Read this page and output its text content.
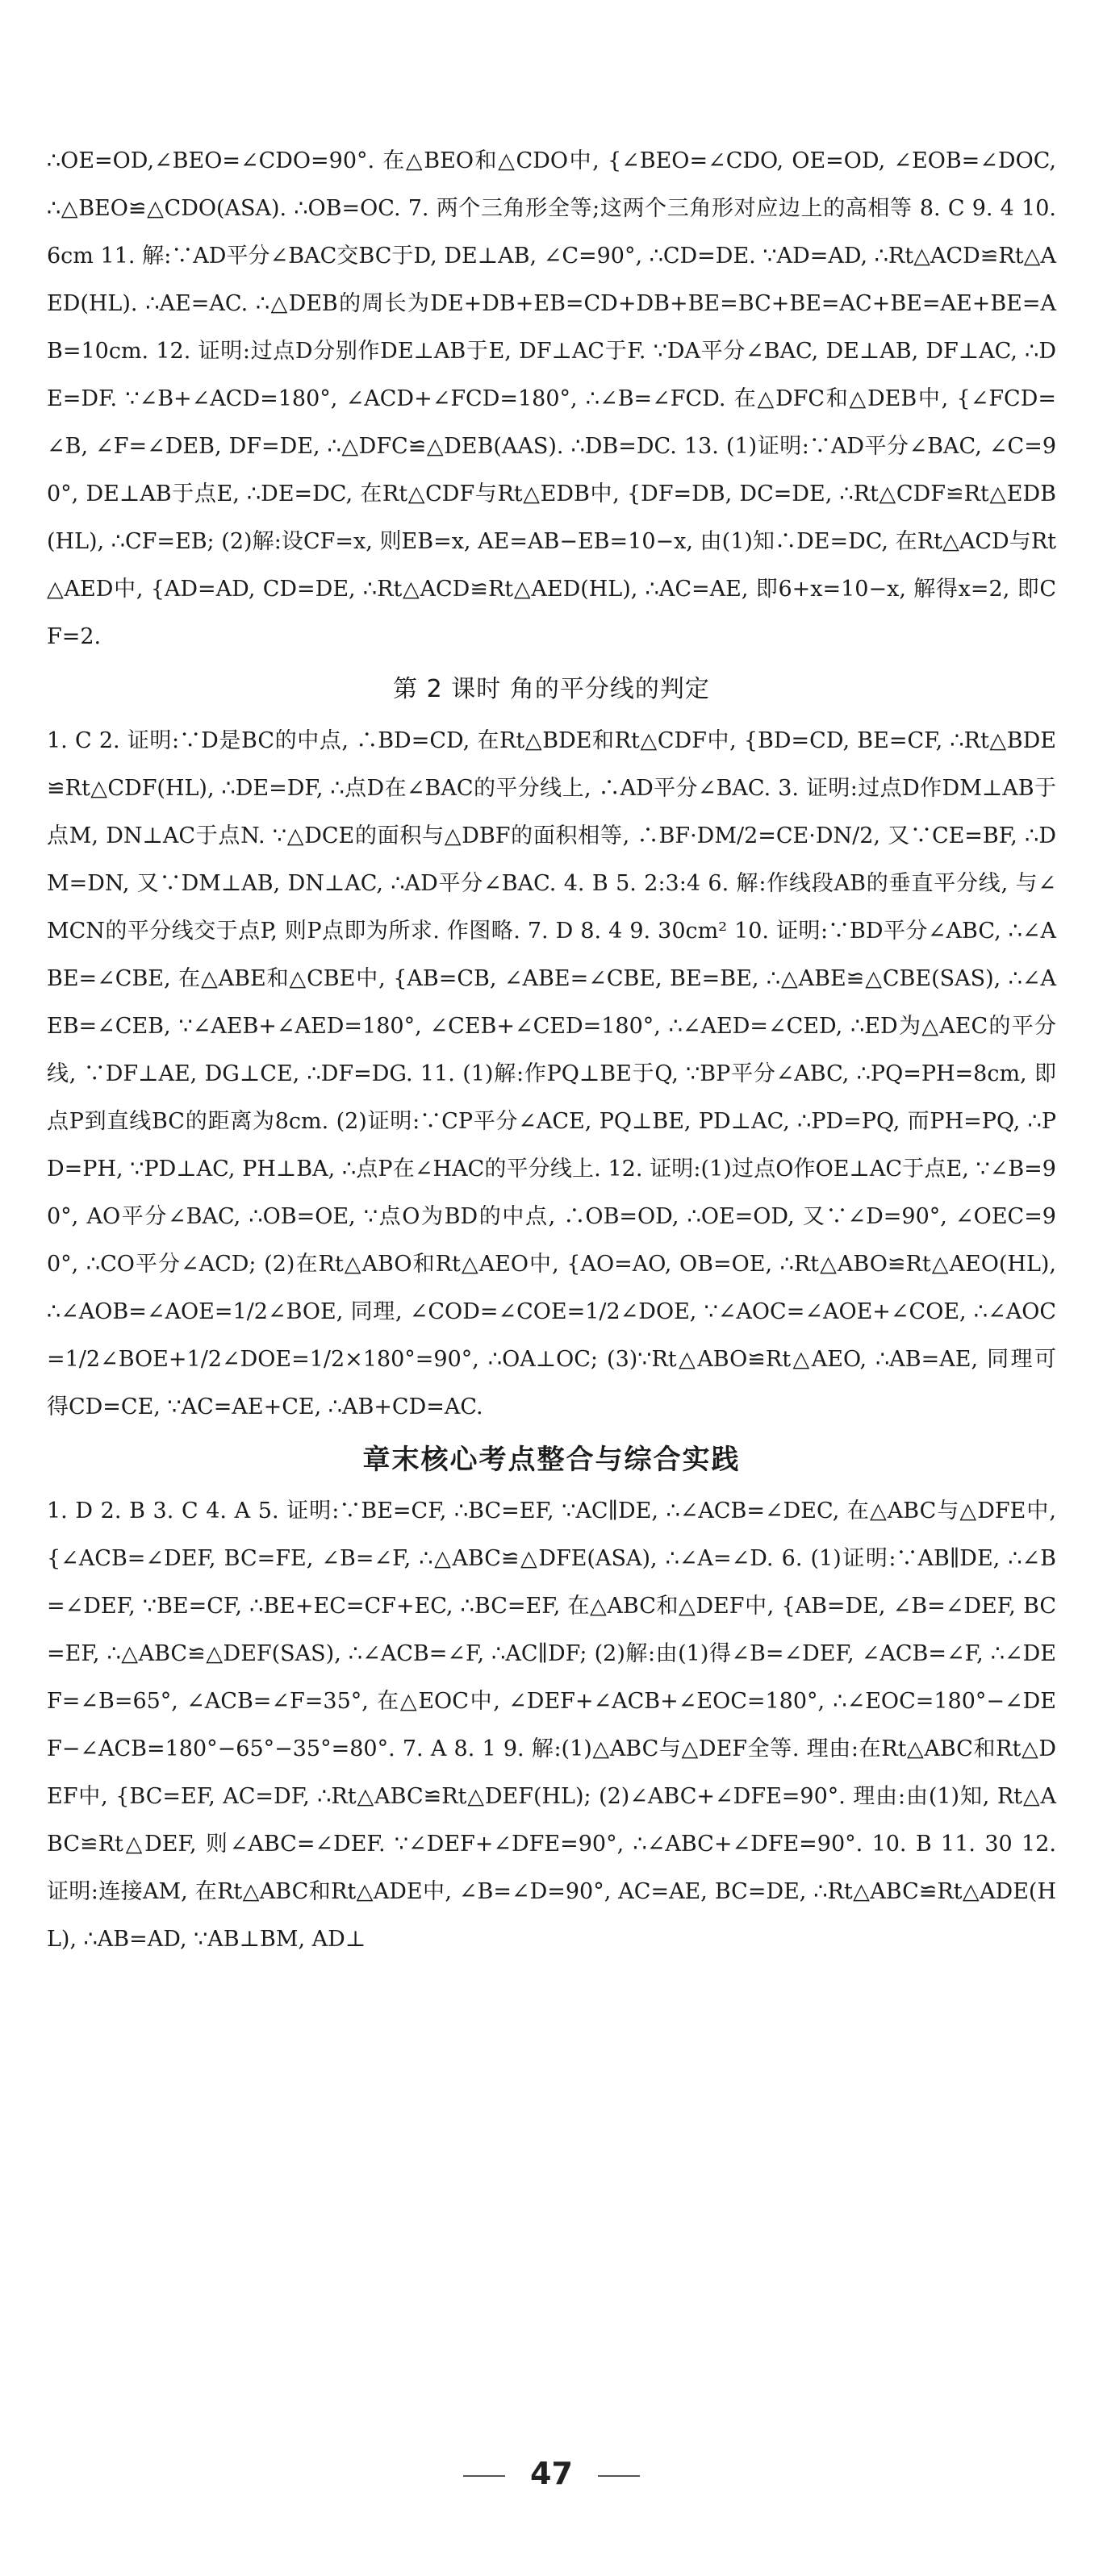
∴OE=OD,∠BEO=∠CDO=90°. 在△BEO和△CDO中, {∠BEO=∠CDO, OE=OD, ∠EOB=∠DOC, ∴△BEO≌△CDO(ASA). ∴OB=OC. 7. 两个三角形全等;这两个三角形对应边上的高相等 8. C 9. 4 10. 6cm 11. 解:∵AD平分∠BAC交BC于D, DE⊥AB, ∠C=90°, ∴CD=DE. ∵AD=AD, ∴Rt△ACD≌Rt△AED(HL). ∴AE=AC. ∴△DEB的周长为DE+DB+EB=CD+DB+BE=BC+BE=AC+BE=AE+BE=AB=10cm. 12. 证明:过点D分别作DE⊥AB于E, DF⊥AC于F. ∵DA平分∠BAC, DE⊥AB, DF⊥AC, ∴DE=DF. ∵∠B+∠ACD=180°, ∠ACD+∠FCD=180°, ∴∠B=∠FCD. 在△DFC和△DEB中, {∠FCD=∠B, ∠F=∠DEB, DF=DE, ∴△DFC≌△DEB(AAS). ∴DB=DC. 13. (1)证明:∵AD平分∠BAC, ∠C=90°, DE⊥AB于点E, ∴DE=DC, 在Rt△CDF与Rt△EDB中, {DF=DB, DC=DE, ∴Rt△CDF≌Rt△EDB(HL), ∴CF=EB; (2)解:设CF=x, 则EB=x, AE=AB−EB=10−x, 由(1)知∴DE=DC, 在Rt△ACD与Rt△AED中, {AD=AD, CD=DE, ∴Rt△ACD≌Rt△AED(HL), ∴AC=AE, 即6+x=10−x, 解得x=2, 即CF=2.

第 2 课时 角的平分线的判定

1. C 2. 证明:∵D是BC的中点, ∴BD=CD, 在Rt△BDE和Rt△CDF中, {BD=CD, BE=CF, ∴Rt△BDE≌Rt△CDF(HL), ∴DE=DF, ∴点D在∠BAC的平分线上, ∴AD平分∠BAC. 3. 证明:过点D作DM⊥AB于点M, DN⊥AC于点N. ∵△DCE的面积与△DBF的面积相等, ∴BF·DM/2=CE·DN/2, 又∵CE=BF, ∴DM=DN, 又∵DM⊥AB, DN⊥AC, ∴AD平分∠BAC. 4. B 5. 2:3:4 6. 解:作线段AB的垂直平分线, 与∠MCN的平分线交于点P, 则P点即为所求. 作图略. 7. D 8. 4 9. 30cm² 10. 证明:∵BD平分∠ABC, ∴∠ABE=∠CBE, 在△ABE和△CBE中, {AB=CB, ∠ABE=∠CBE, BE=BE, ∴△ABE≌△CBE(SAS), ∴∠AEB=∠CEB, ∵∠AEB+∠AED=180°, ∠CEB+∠CED=180°, ∴∠AED=∠CED, ∴ED为△AEC的平分线, ∵DF⊥AE, DG⊥CE, ∴DF=DG. 11. (1)解:作PQ⊥BE于Q, ∵BP平分∠ABC, ∴PQ=PH=8cm, 即点P到直线BC的距离为8cm. (2)证明:∵CP平分∠ACE, PQ⊥BE, PD⊥AC, ∴PD=PQ, 而PH=PQ, ∴PD=PH, ∵PD⊥AC, PH⊥BA, ∴点P在∠HAC的平分线上. 12. 证明:(1)过点O作OE⊥AC于点E, ∵∠B=90°, AO平分∠BAC, ∴OB=OE, ∵点O为BD的中点, ∴OB=OD, ∴OE=OD, 又∵∠D=90°, ∠OEC=90°, ∴CO平分∠ACD; (2)在Rt△ABO和Rt△AEO中, {AO=AO, OB=OE, ∴Rt△ABO≌Rt△AEO(HL), ∴∠AOB=∠AOE=1/2∠BOE, 同理, ∠COD=∠COE=1/2∠DOE, ∵∠AOC=∠AOE+∠COE, ∴∠AOC=1/2∠BOE+1/2∠DOE=1/2×180°=90°, ∴OA⊥OC; (3)∵Rt△ABO≌Rt△AEO, ∴AB=AE, 同理可得CD=CE, ∵AC=AE+CE, ∴AB+CD=AC.

章末核心考点整合与综合实践

1. D 2. B 3. C 4. A 5. 证明:∵BE=CF, ∴BC=EF, ∵AC∥DE, ∴∠ACB=∠DEC, 在△ABC与△DFE中, {∠ACB=∠DEF, BC=FE, ∠B=∠F, ∴△ABC≌△DFE(ASA), ∴∠A=∠D. 6. (1)证明:∵AB∥DE, ∴∠B=∠DEF, ∵BE=CF, ∴BE+EC=CF+EC, ∴BC=EF, 在△ABC和△DEF中, {AB=DE, ∠B=∠DEF, BC=EF, ∴△ABC≌△DEF(SAS), ∴∠ACB=∠F, ∴AC∥DF; (2)解:由(1)得∠B=∠DEF, ∠ACB=∠F, ∴∠DEF=∠B=65°, ∠ACB=∠F=35°, 在△EOC中, ∠DEF+∠ACB+∠EOC=180°, ∴∠EOC=180°−∠DEF−∠ACB=180°−65°−35°=80°. 7. A 8. 1 9. 解:(1)△ABC与△DEF全等. 理由:在Rt△ABC和Rt△DEF中, {BC=EF, AC=DF, ∴Rt△ABC≌Rt△DEF(HL); (2)∠ABC+∠DFE=90°. 理由:由(1)知, Rt△ABC≌Rt△DEF, 则∠ABC=∠DEF. ∵∠DEF+∠DFE=90°, ∴∠ABC+∠DFE=90°. 10. B 11. 30 12. 证明:连接AM, 在Rt△ABC和Rt△ADE中, ∠B=∠D=90°, AC=AE, BC=DE, ∴Rt△ABC≌Rt△ADE(HL), ∴AB=AD, ∵AB⊥BM, AD⊥

47
